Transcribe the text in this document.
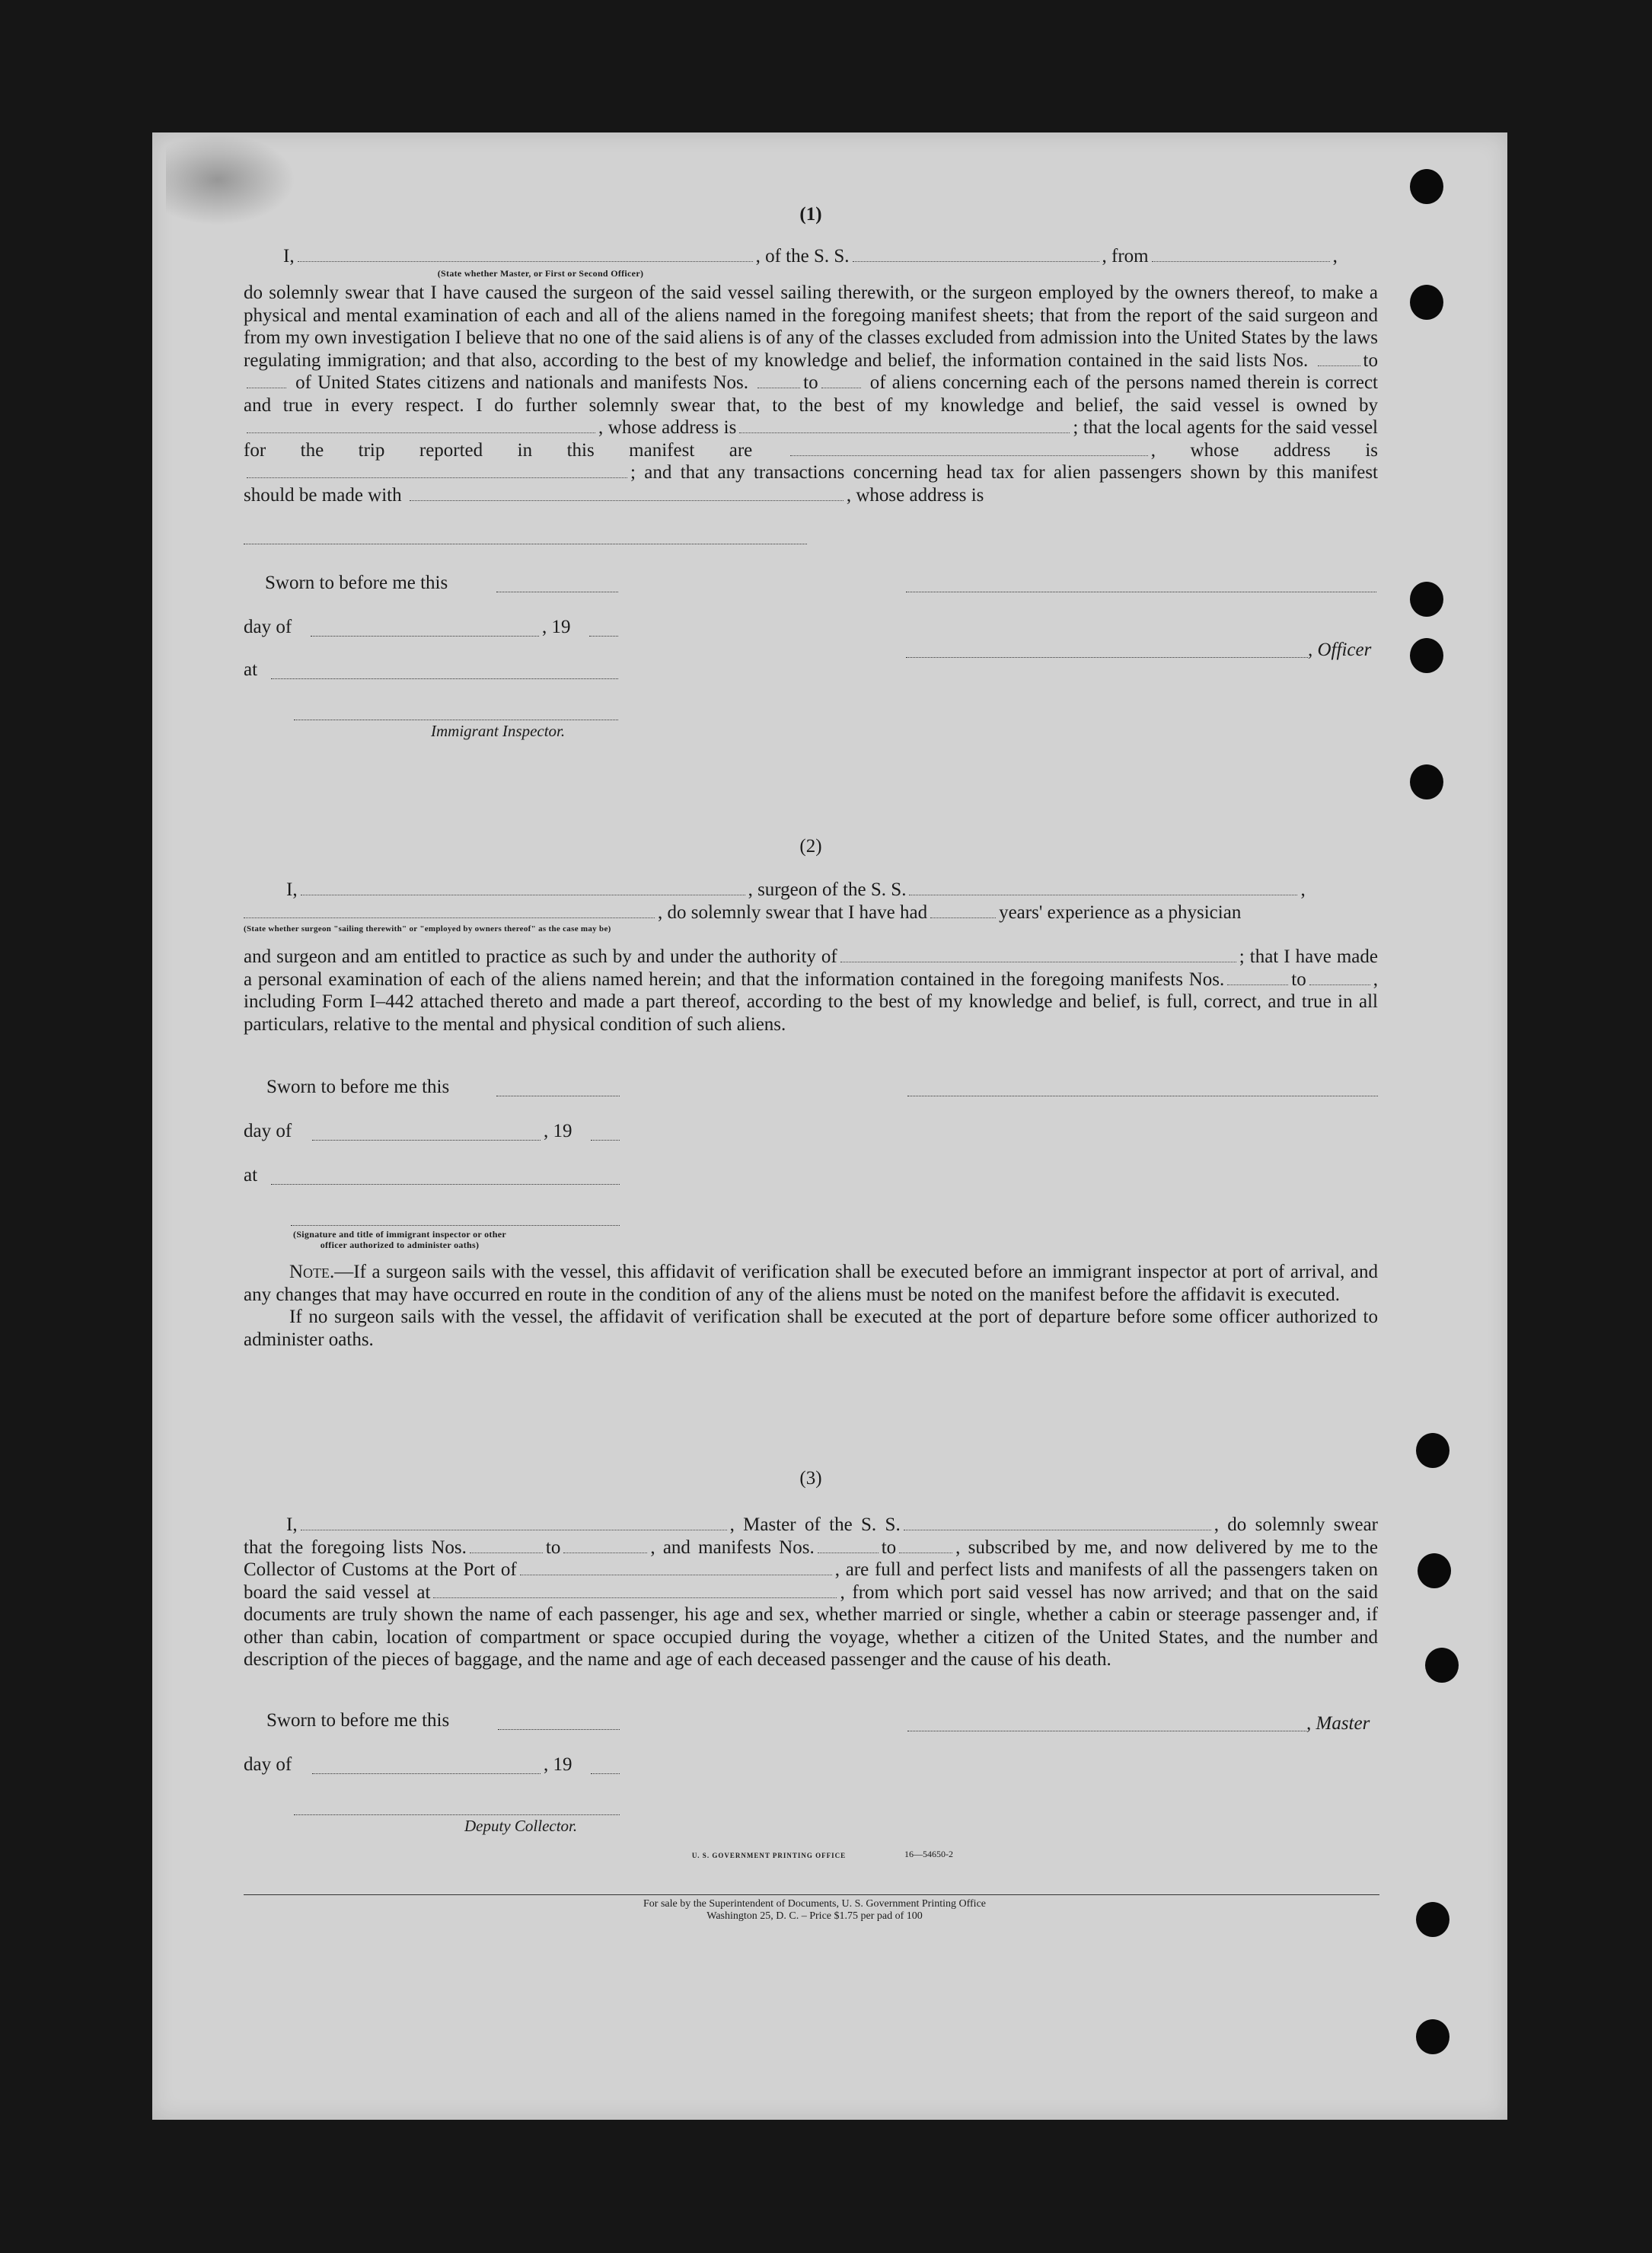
(1)
I,	, of the S. S.	, from	,
(State whether Master, or First or Second Officer)
do solemnly swear that I have caused the surgeon of the said vessel sailing therewith, or the surgeon employed by the owners thereof, to make a physical and mental examination of each and all of the aliens named in the foregoing manifest sheets; that from the report of the said surgeon and from my own investigation I believe that no one of the said aliens is of any of the classes excluded from admission into the United States by the laws regulating immigration; and that also, according to the best of my knowledge and belief, the information contained in the said lists Nos.	to of United States citizens and nationals and manifests Nos.	to	of aliens concerning each of the persons named therein is correct and true in every respect. I do further solemnly swear that, to the best of my knowledge and belief, the said vessel is owned by , whose address is	; that the local agents for the said vessel for the trip reported in this manifest are	, whose address is ; and that any transactions concerning head tax for alien passengers shown by this manifest should be made with	, whose address is
Sworn to before me this
day of	, 19
at
Immigrant Inspector.
, Officer
(2)
I,	, surgeon of the S. S.	,
, do solemnly swear that I have had	years' experience as a physician
(State whether surgeon "sailing therewith" or "employed by owners thereof" as the case may be)
and surgeon and am entitled to practice as such by and under the authority of	; that I have made a personal examination of each of the aliens named herein; and that the information contained in the foregoing manifests Nos.	to	, including Form I–442 attached thereto and made a part thereof, according to the best of my knowledge and belief, is full, correct, and true in all particulars, relative to the mental and physical condition of such aliens.
Sworn to before me this
day of	, 19
at
(Signature and title of immigrant inspector or other officer authorized to administer oaths)

Note.—If a surgeon sails with the vessel, this affidavit of verification shall be executed before an immigrant inspector at port of arrival, and any changes that may have occurred en route in the condition of any of the aliens must be noted on the manifest before the affidavit is executed.

If no surgeon sails with the vessel, the affidavit of verification shall be executed at the port of departure before some officer authorized to administer oaths.

(3)
I,	, Master of the S. S.	, do solemnly swear that the foregoing lists Nos.	to	, and manifests Nos.	to	, subscribed by me, and now delivered by me to the Collector of Customs at the Port of	, are full and perfect lists and manifests of all the passengers taken on board the said vessel at	, from which port said vessel has now arrived; and that on the said documents are truly shown the name of each passenger, his age and sex, whether married or single, whether a cabin or steerage passenger and, if other than cabin, location of compartment or space occupied during the voyage, whether a citizen of the United States, and the number and description of the pieces of baggage, and the name and age of each deceased passenger and the cause of his death.
Sworn to before me this
day of	, 19
, Master
Deputy Collector.
U. S. GOVERNMENT PRINTING OFFICE	16—54650-2
For sale by the Superintendent of Documents, U. S. Government Printing Office
Washington 25, D. C. – Price $1.75 per pad of 100
